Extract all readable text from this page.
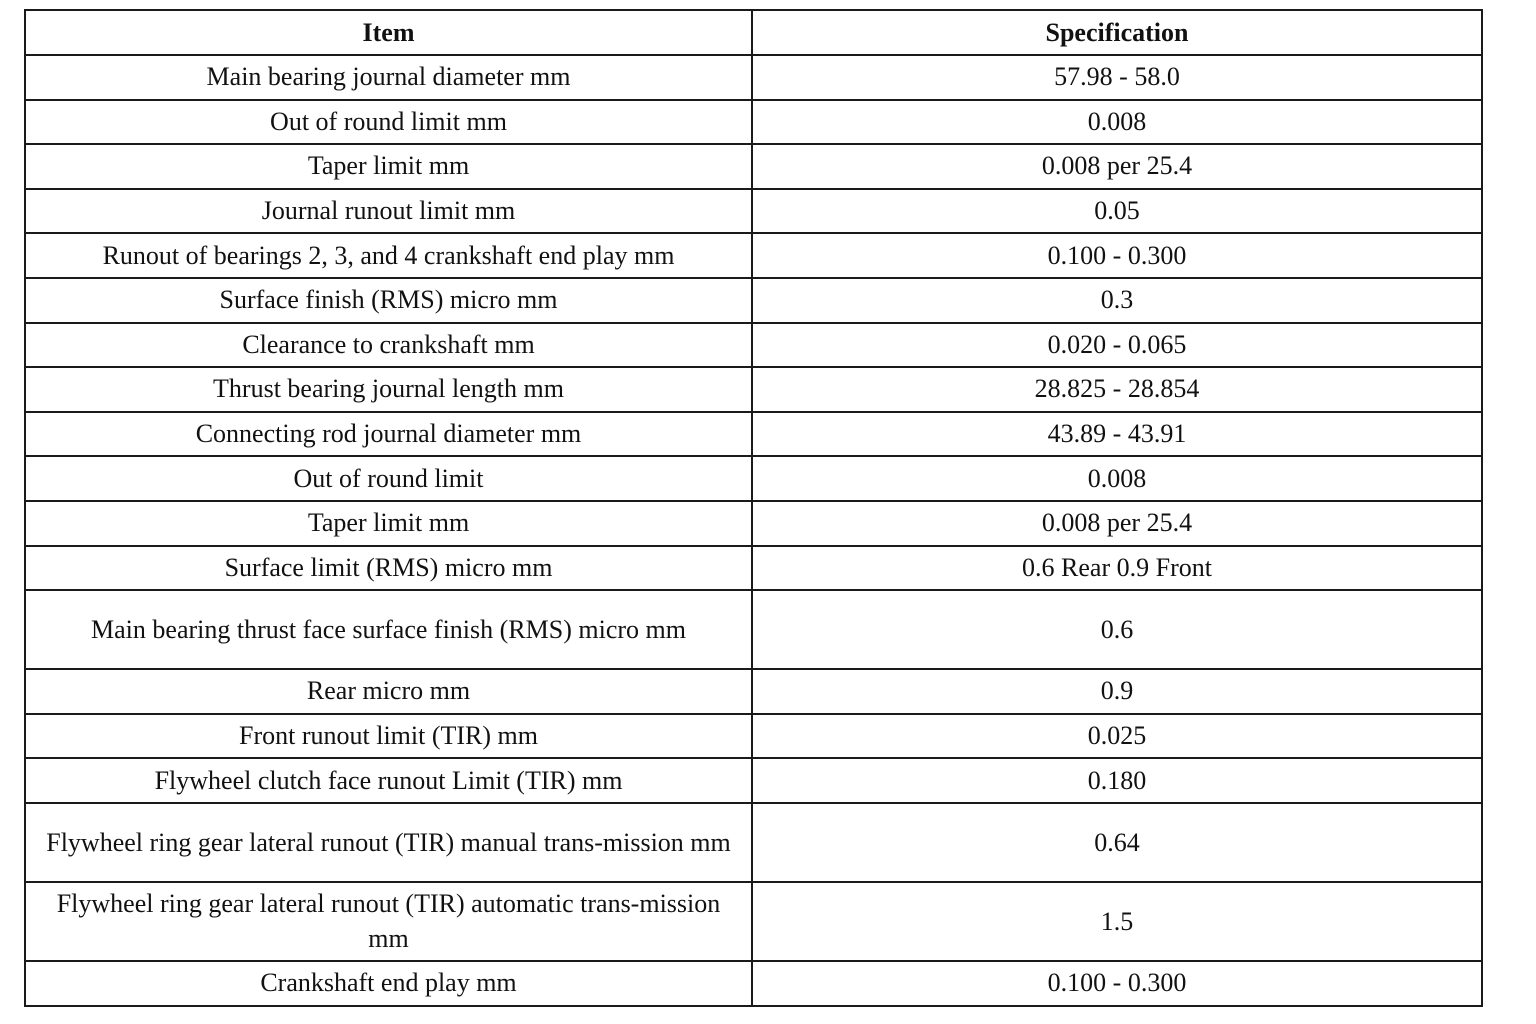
Item	Specification
Main bearing journal diameter mm	57.98 - 58.0
Out of round limit mm	0.008
Taper limit mm	0.008 per 25.4
Journal runout limit mm	0.05
Runout of bearings 2, 3, and 4 crankshaft end play mm	0.100 - 0.300
Surface finish (RMS) micro mm	0.3
Clearance to crankshaft mm	0.020 - 0.065
Thrust bearing journal length mm	28.825 - 28.854
Connecting rod journal diameter mm	43.89 - 43.91
Out of round limit	0.008
Taper limit mm	0.008 per 25.4
Surface limit (RMS) micro mm	0.6 Rear 0.9 Front
Main bearing thrust face surface finish (RMS) micro mm	0.6
Rear micro mm	0.9
Front runout limit (TIR) mm	0.025
Flywheel clutch face runout Limit (TIR) mm	0.180
Flywheel ring gear lateral runout (TIR) manual trans-mission mm	0.64
Flywheel ring gear lateral runout (TIR) automatic trans-mission mm	1.5
Crankshaft end play mm	0.100 - 0.300
